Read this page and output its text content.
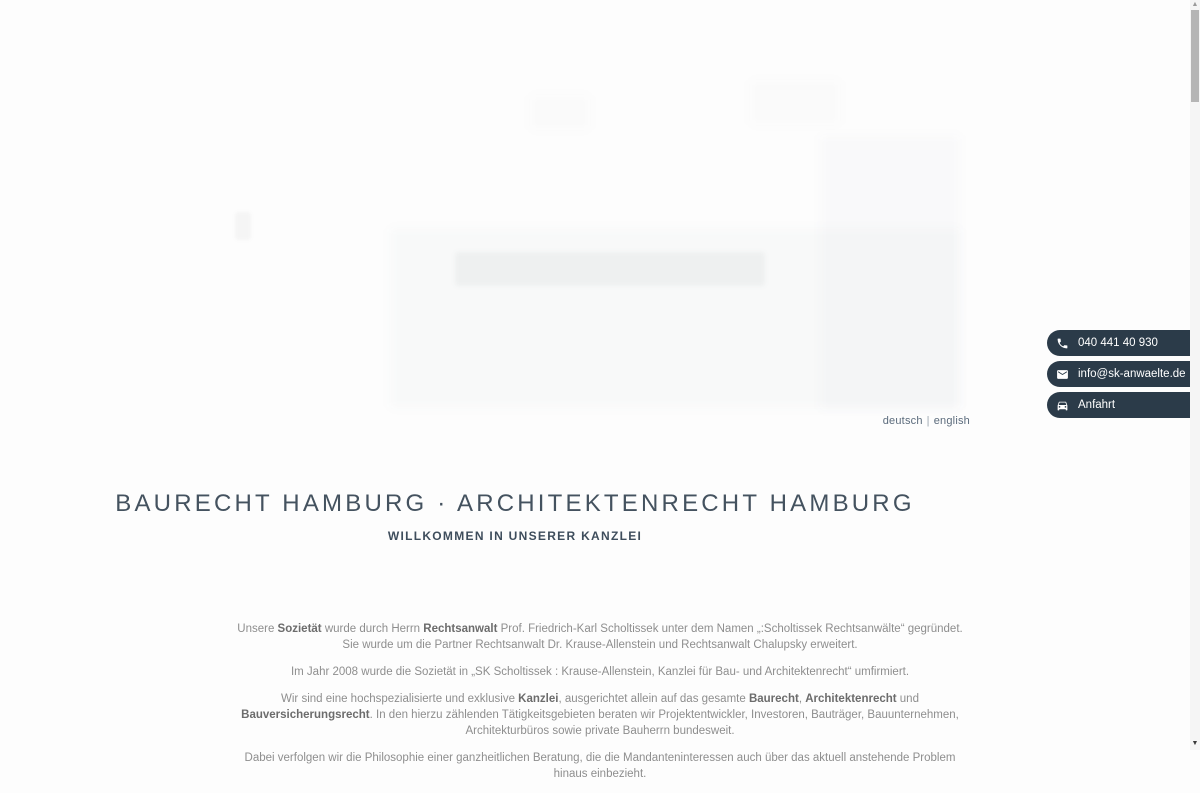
deutsch | english
040 441 40 930
info@sk-anwaelte.de
Anfahrt
BAURECHT HAMBURG · ARCHITEKTENRECHT HAMBURG
WILLKOMMEN IN UNSERER KANZLEI

Unsere Sozietät wurde durch Herrn Rechtsanwalt Prof. Friedrich-Karl Scholtissek unter dem Namen „:Scholtissek Rechtsanwälte“ gegründet. Sie wurde um die Partner Rechtsanwalt Dr. Krause-Allenstein und Rechtsanwalt Chalupsky erweitert.

Im Jahr 2008 wurde die Sozietät in „SK Scholtissek : Krause-Allenstein, Kanzlei für Bau- und Architektenrecht“ umfirmiert.

Wir sind eine hochspezialisierte und exklusive Kanzlei, ausgerichtet allein auf das gesamte Baurecht, Architektenrecht und Bauversicherungsrecht. In den hierzu zählenden Tätigkeitsgebieten beraten wir Projektentwickler, Investoren, Bauträger, Bauunternehmen, Architekturbüros sowie private Bauherrn bundesweit.

Dabei verfolgen wir die Philosophie einer ganzheitlichen Beratung, die die Mandanteninteressen auch über das aktuell anstehende Problem hinaus einbezieht.

▲
▼
